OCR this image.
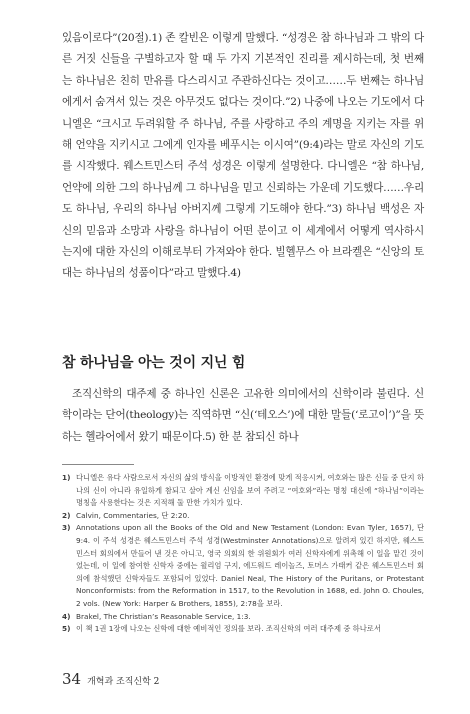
있음이로다”(20절).1) 존 칼빈은 이렇게 말했다. “성경은 참 하나님과 그 밖의 다른 거짓 신들을 구별하고자 할 때 두 가지 기본적인 진리를 제시하는데, 첫 번째는 하나님은 친히 만유를 다스리시고 주관하신다는 것이고……두 번째는 하나님에게서 숨겨서 있는 것은 아무것도 없다는 것이다.”2) 나중에 나오는 기도에서 다니엘은 “크시고 두려워할 주 하나님, 주를 사랑하고 주의 계명을 지키는 자를 위해 언약을 지키시고 그에게 인자를 베푸시는 이시여”(9:4)라는 말로 자신의 기도를 시작했다. 웨스트민스터 주석 성경은 이렇게 설명한다. 다니엘은 “참 하나님, 언약에 의한 그의 하나님께 그 하나님을 믿고 신뢰하는 가운데 기도했다……우리도 하나님, 우리의 하나님 아버지께 그렇게 기도해야 한다.”3) 하나님 백성은 자신의 믿음과 소망과 사랑을 하나님이 어떤 분이고 이 세계에서 어떻게 역사하시는지에 대한 자신의 이해로부터 가져와야 한다. 빌헬무스 아 브라켈은 “신앙의 토대는 하나님의 성품이다”라고 말했다.4)

참 하나님을 아는 것이 지닌 힘
조직신학의 대주제 중 하나인 신론은 고유한 의미에서의 신학이라 불린다. 신학이라는 단어(theology)는 직역하면 “신(‘테오스’)에 대한 말들(‘로고이’)”을 뜻하는 헬라어에서 왔기 때문이다.5) 한 분 참되신 하나
1) 다니엘은 유다 사람으로서 자신의 삶의 방식을 이방적인 환경에 맞게 적응시켜, 여호와는 많은 신들 중 단지 하나의 신이 아니라 유일하게 참되고 살아 계신 신임을 보여 주려고 “여호와”라는 명칭 대신에 “하나님”이라는 명칭을 사용한다는 것은 지적해 둘 만한 가치가 있다.
2) Calvin, Commentaries, 단 2:20.
3) Annotations upon all the Books of the Old and New Testament (London: Evan Tyler, 1657), 단 9:4. 이 주석 성경은 웨스트민스터 주석 성경(Westminster Annotations)으로 알려져 있긴 하지만, 웨스트민스터 회의에서 만들어 낸 것은 아니고, 영국 의회의 한 위원회가 여러 신학자에게 위촉해 이 일을 맡긴 것이었는데, 이 일에 참여한 신학자 중에는 윌리엄 구지, 에드워드 레이놀즈, 토머스 가태커 같은 웨스트민스터 회의에 참석했던 신학자들도 포함되어 있었다. Daniel Neal, The History of the Puritans, or Protestant Nonconformists: from the Reformation in 1517, to the Revolution in 1688, ed. John O. Choules, 2 vols. (New York: Harper & Brothers, 1855), 2:78을 보라.
4) Brakel, The Christian’s Reasonable Service, 1:3.
5) 이 책 1권 1장에 나오는 신학에 대한 예비적인 정의를 보라. 조직신학의 여러 대주제 중 하나로서
34 개혁과 조직신학 2
